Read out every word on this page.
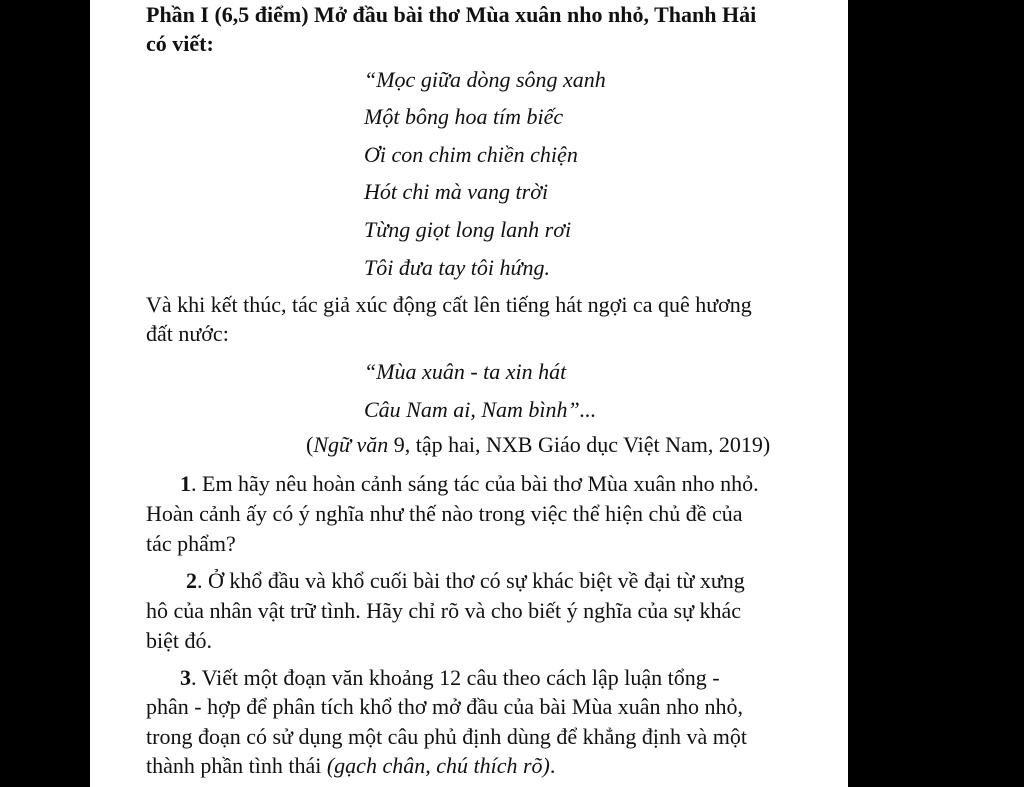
Phần I (6,5 điểm) Mở đầu bài thơ Mùa xuân nho nhỏ, Thanh Hải
có viết:
“Mọc giữa dòng sông xanh
Một bông hoa tím biếc
Ơi con chim chiền chiện
Hót chi mà vang trời
Từng giọt long lanh rơi
Tôi đưa tay tôi hứng.
Và khi kết thúc, tác giả xúc động cất lên tiếng hát ngợi ca quê hương
đất nước:
“Mùa xuân - ta xin hát
Câu Nam ai, Nam bình”...
(Ngữ văn 9, tập hai, NXB Giáo dục Việt Nam, 2019)
1. Em hãy nêu hoàn cảnh sáng tác của bài thơ Mùa xuân nho nhỏ.
Hoàn cảnh ấy có ý nghĩa như thế nào trong việc thể hiện chủ đề của
tác phẩm?
2. Ở khổ đầu và khổ cuối bài thơ có sự khác biệt về đại từ xưng
hô của nhân vật trữ tình. Hãy chỉ rõ và cho biết ý nghĩa của sự khác
biệt đó.
3. Viết một đoạn văn khoảng 12 câu theo cách lập luận tổng -
phân - hợp để phân tích khổ thơ mở đầu của bài Mùa xuân nho nhỏ,
trong đoạn có sử dụng một câu phủ định dùng để khẳng định và một
thành phần tình thái (gạch chân, chú thích rõ).
